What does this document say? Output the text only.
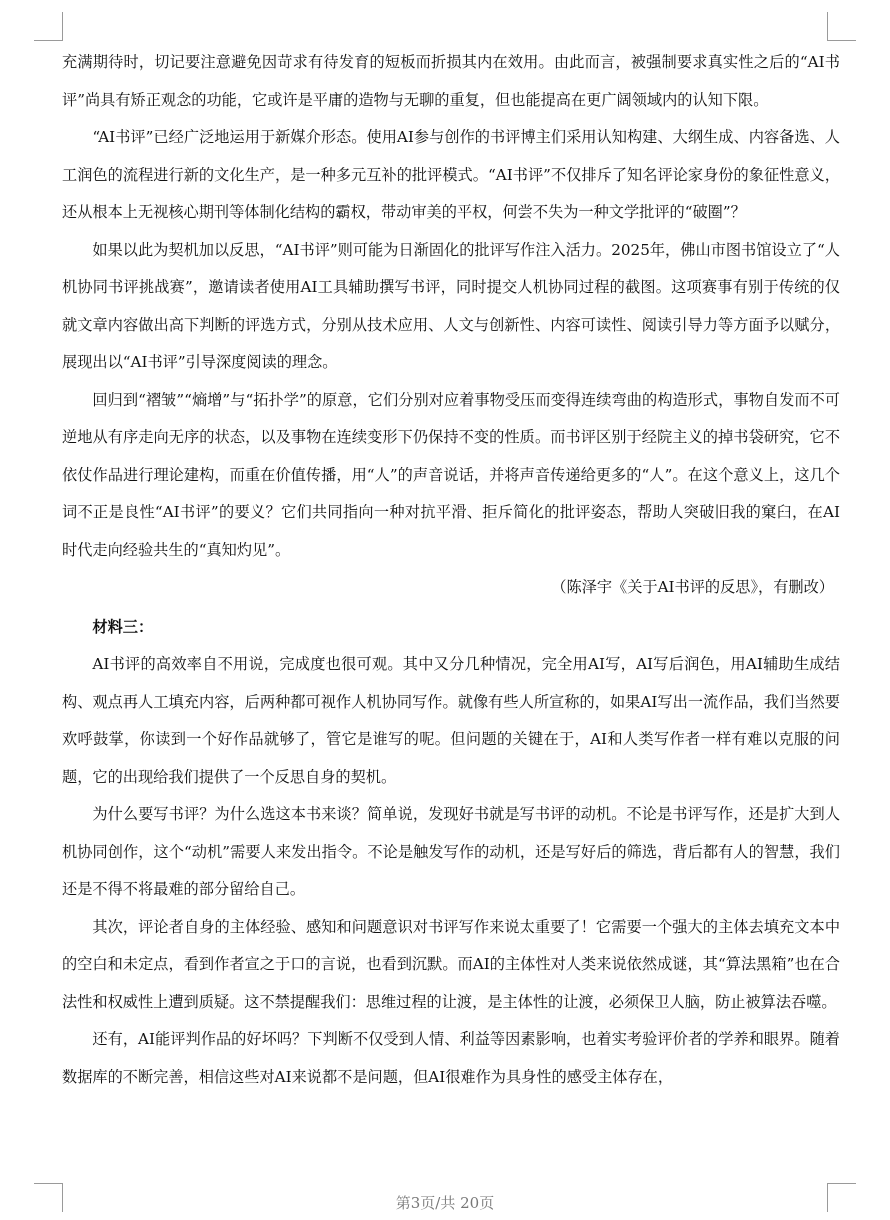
充满期待时，切记要注意避免因苛求有待发育的短板而折损其内在效用。由此而言，被强制要求真实性之后的“AI书评”尚具有矫正观念的功能，它或许是平庸的造物与无聊的重复，但也能提高在更广阔领域内的认知下限。

“AI书评”已经广泛地运用于新媒介形态。使用AI参与创作的书评博主们采用认知构建、大纲生成、内容备选、人工润色的流程进行新的文化生产，是一种多元互补的批评模式。“AI书评”不仅排斥了知名评论家身份的象征性意义，还从根本上无视核心期刊等体制化结构的霸权，带动审美的平权，何尝不失为一种文学批评的“破圈”？

如果以此为契机加以反思，“AI书评”则可能为日渐固化的批评写作注入活力。2025年，佛山市图书馆设立了“人机协同书评挑战赛”，邀请读者使用AI工具辅助撰写书评，同时提交人机协同过程的截图。这项赛事有别于传统的仅就文章内容做出高下判断的评选方式，分别从技术应用、人文与创新性、内容可读性、阅读引导力等方面予以赋分，展现出以“AI书评”引导深度阅读的理念。

回归到“褶皱”“熵增”与“拓扑学”的原意，它们分别对应着事物受压而变得连续弯曲的构造形式，事物自发而不可逆地从有序走向无序的状态，以及事物在连续变形下仍保持不变的性质。而书评区别于经院主义的掉书袋研究，它不依仗作品进行理论建构，而重在价值传播，用“人”的声音说话，并将声音传递给更多的“人”。在这个意义上，这几个词不正是良性“AI书评”的要义？它们共同指向一种对抗平滑、拒斥简化的批评姿态，帮助人突破旧我的窠臼，在AI时代走向经验共生的“真知灼见”。

（陈泽宇《关于AI书评的反思》，有删改）

材料三：

AI书评的高效率自不用说，完成度也很可观。其中又分几种情况，完全用AI写，AI写后润色，用AI辅助生成结构、观点再人工填充内容，后两种都可视作人机协同写作。就像有些人所宣称的，如果AI写出一流作品，我们当然要欢呼鼓掌，你读到一个好作品就够了，管它是谁写的呢。但问题的关键在于，AI和人类写作者一样有难以克服的问题，它的出现给我们提供了一个反思自身的契机。

为什么要写书评？为什么选这本书来谈？简单说，发现好书就是写书评的动机。不论是书评写作，还是扩大到人机协同创作，这个“动机”需要人来发出指令。不论是触发写作的动机，还是写好后的筛选，背后都有人的智慧，我们还是不得不将最难的部分留给自己。

其次，评论者自身的主体经验、感知和问题意识对书评写作来说太重要了！它需要一个强大的主体去填充文本中的空白和未定点，看到作者宣之于口的言说，也看到沉默。而AI的主体性对人类来说依然成谜，其“算法黑箱”也在合法性和权威性上遭到质疑。这不禁提醒我们：思维过程的让渡，是主体性的让渡，必须保卫人脑，防止被算法吞噬。

还有，AI能评判作品的好坏吗？下判断不仅受到人情、利益等因素影响，也着实考验评价者的学养和眼界。随着数据库的不断完善，相信这些对AI来说都不是问题，但AI很难作为具身性的感受主体存在，

第3页/共 20页
